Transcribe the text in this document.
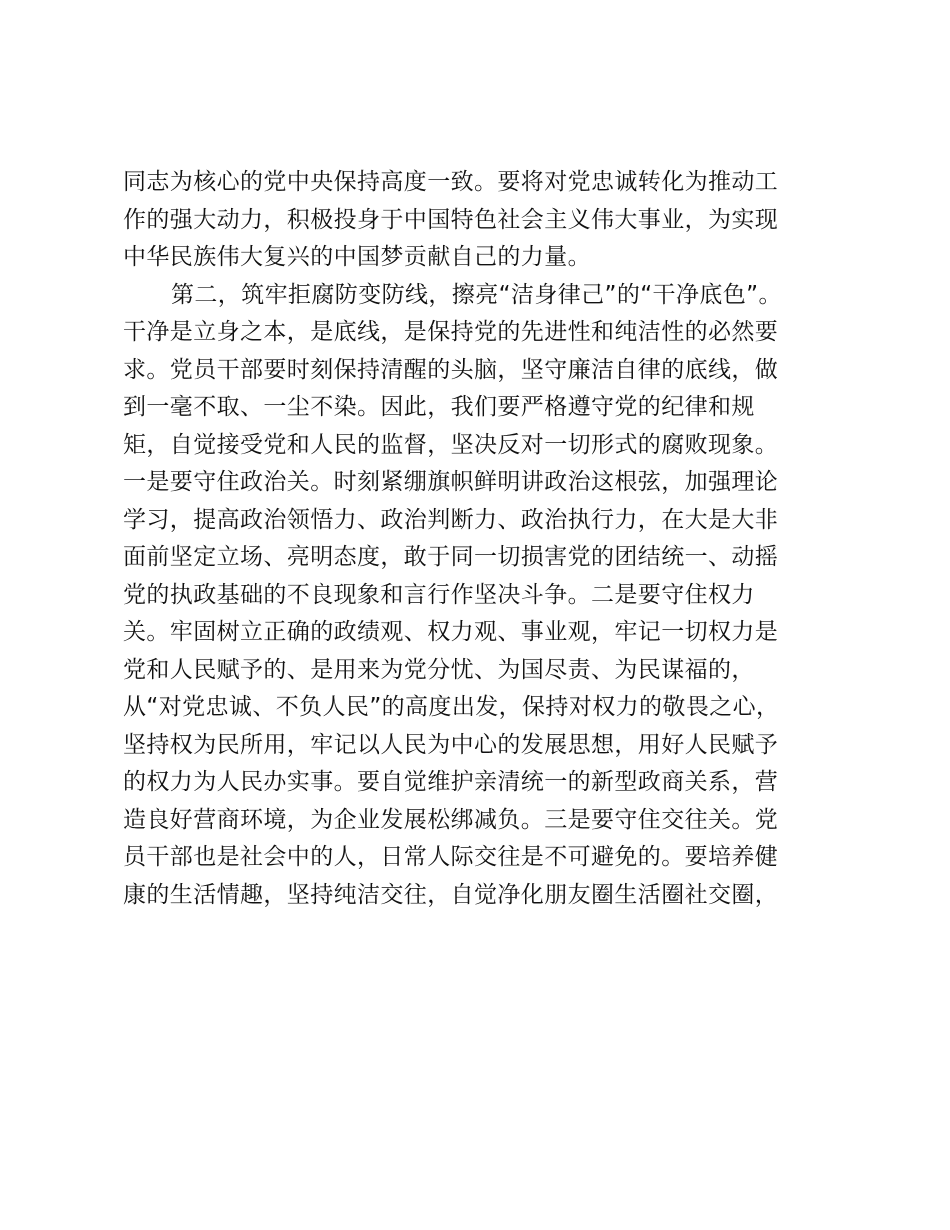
同志为核心的党中央保持高度一致。要将对党忠诚转化为推动工
作的强大动力，积极投身于中国特色社会主义伟大事业，为实现
中华民族伟大复兴的中国梦贡献自己的力量。
第二，筑牢拒腐防变防线，擦亮“洁身律己”的“干净底色”。
干净是立身之本，是底线，是保持党的先进性和纯洁性的必然要
求。党员干部要时刻保持清醒的头脑，坚守廉洁自律的底线，做
到一毫不取、一尘不染。因此，我们要严格遵守党的纪律和规
矩，自觉接受党和人民的监督，坚决反对一切形式的腐败现象。
一是要守住政治关。时刻紧绷旗帜鲜明讲政治这根弦，加强理论
学习，提高政治领悟力、政治判断力、政治执行力，在大是大非
面前坚定立场、亮明态度，敢于同一切损害党的团结统一、动摇
党的执政基础的不良现象和言行作坚决斗争。二是要守住权力
关。牢固树立正确的政绩观、权力观、事业观，牢记一切权力是
党和人民赋予的、是用来为党分忧、为国尽责、为民谋福的，
从“对党忠诚、不负人民”的高度出发，保持对权力的敬畏之心，
坚持权为民所用，牢记以人民为中心的发展思想，用好人民赋予
的权力为人民办实事。要自觉维护亲清统一的新型政商关系，营
造良好营商环境，为企业发展松绑减负。三是要守住交往关。党
员干部也是社会中的人，日常人际交往是不可避免的。要培养健
康的生活情趣，坚持纯洁交往，自觉净化朋友圈生活圈社交圈，
